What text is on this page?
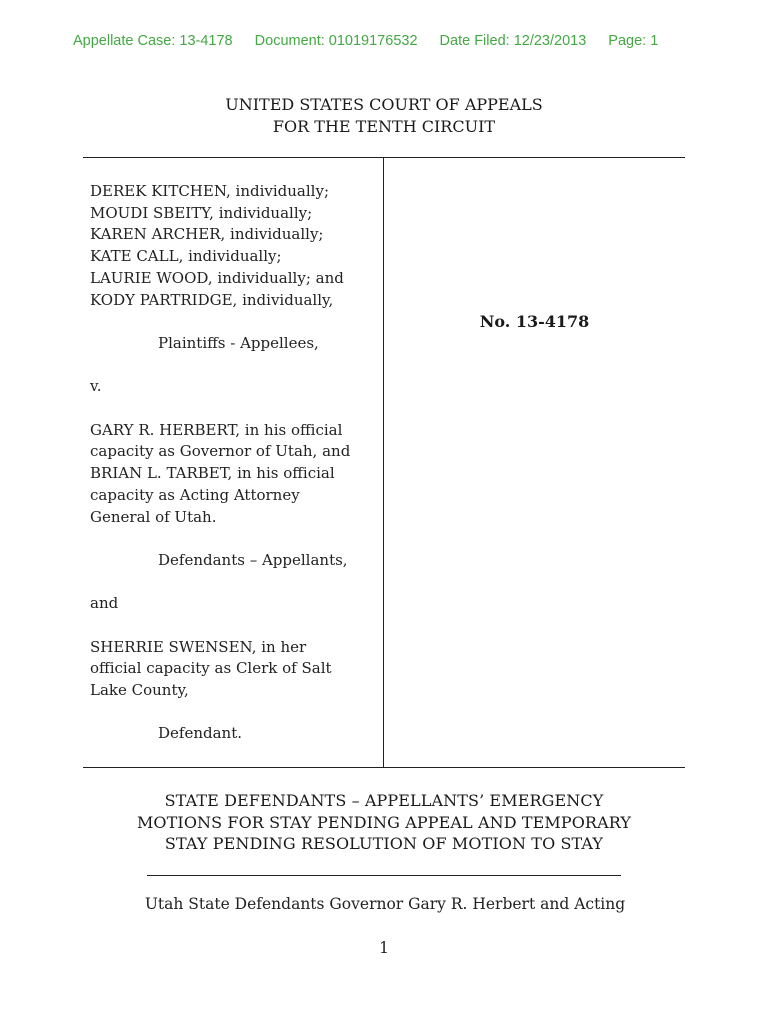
Appellate Case: 13-4178 Document: 01019176532 Date Filed: 12/23/2013 Page: 1
UNITED STATES COURT OF APPEALS
FOR THE TENTH CIRCUIT

DEREK KITCHEN, individually;

MOUDI SBEITY, individually;

KAREN ARCHER, individually;

KATE CALL, individually;

LAURIE WOOD, individually; and

KODY PARTRIDGE, individually,

Plaintiffs - Appellees,

v.

GARY R. HERBERT, in his official

capacity as Governor of Utah, and

BRIAN L. TARBET, in his official

capacity as Acting Attorney

General of Utah.

Defendants – Appellants,

and

SHERRIE SWENSEN, in her

official capacity as Clerk of Salt

Lake County,

Defendant.

No. 13-4178
STATE DEFENDANTS – APPELLANTS’ EMERGENCY
MOTIONS FOR STAY PENDING APPEAL AND TEMPORARY
STAY PENDING RESOLUTION OF MOTION TO STAY
Utah State Defendants Governor Gary R. Herbert and Acting
1
